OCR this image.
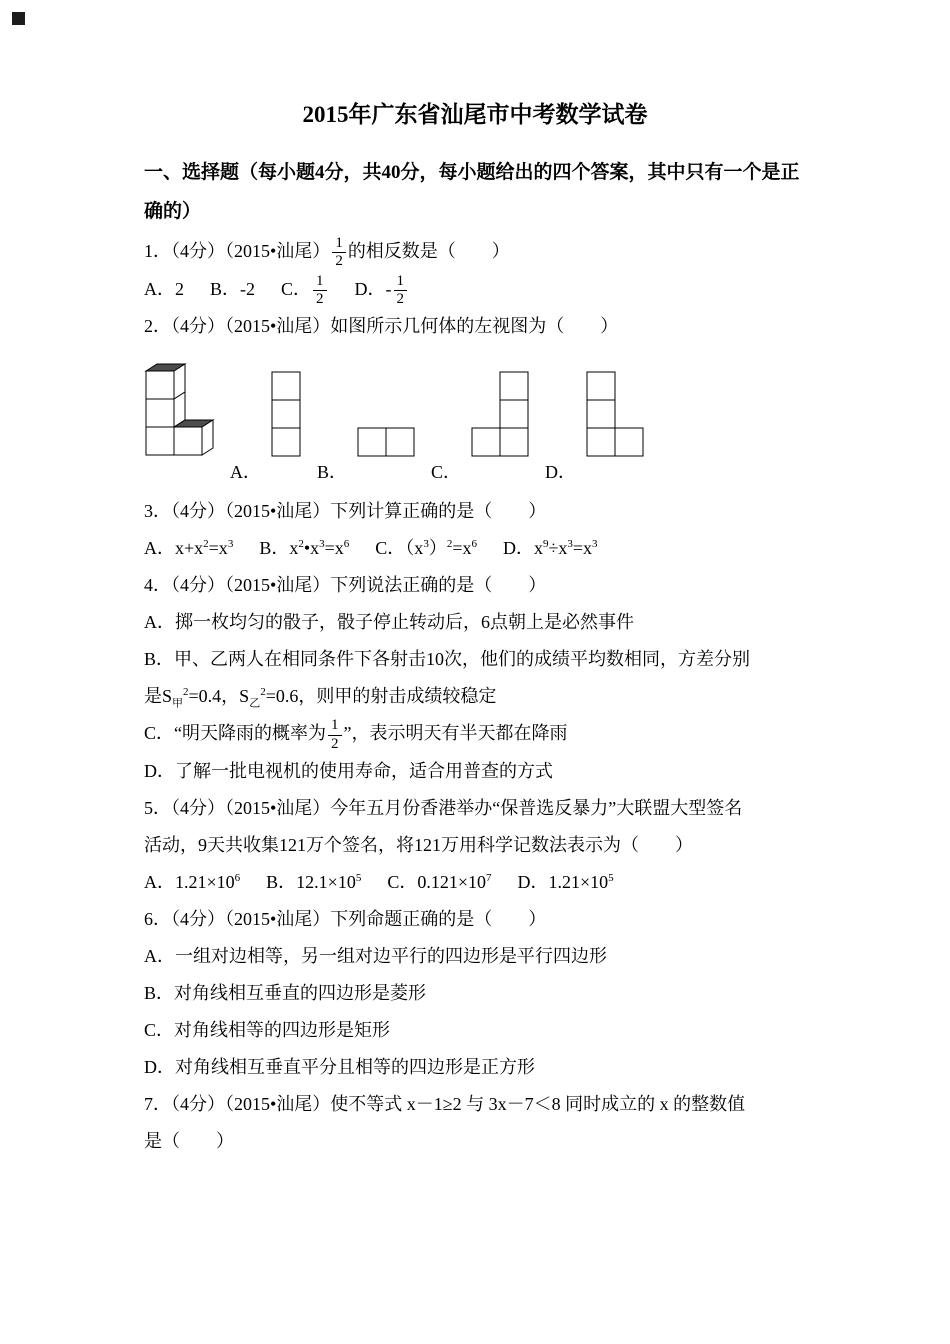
2015年广东省汕尾市中考数学试卷

一、选择题（每小题4分，共40分，每小题给出的四个答案，其中只有一个是正确的）

1．（4分）（2015•汕尾） $\frac{1}{2}$ 的相反数是（　　）

A．2 B．-2 C． $\frac{1}{2}$ D．- $\frac{1}{2}$

2．（4分）（2015•汕尾）如图所示几何体的左视图为（　　）

A．	B．	C．	D．

3．（4分）（2015•汕尾）下列计算正确的是（　　）

A．$x+x^2=x^3$ B．$x^2•x^3=x^6$ C．$(x^3)^2=x^6$ D．$x^9\div x^3=x^3$

4．（4分）（2015•汕尾）下列说法正确的是（　　）

A．掷一枚均匀的骰子，骰子停止转动后，6点朝上是必然事件

B．甲、乙两人在相同条件下各射击10次，他们的成绩平均数相同，方差分别

是$S_甲^2=0.4$，$S_乙^2=0.6$，则甲的射击成绩较稳定

C．“明天降雨的概率为 $\frac{1}{2}$ ”，表示明天有半天都在降雨

D．了解一批电视机的使用寿命，适合用普查的方式

5．（4分）（2015•汕尾）今年五月份香港举办“保普选反暴力”大联盟大型签名

活动，9天共收集121万个签名，将121万用科学记数法表示为（　　）

A．$1.21\times 10^6$ B．$12.1\times 10^5$ C．$0.121\times 10^7$ D．$1.21\times 10^5$

6．（4分）（2015•汕尾）下列命题正确的是（　　）

A．一组对边相等，另一组对边平行的四边形是平行四边形

B．对角线相互垂直的四边形是菱形

C．对角线相等的四边形是矩形

D．对角线相互垂直平分且相等的四边形是正方形

7．（4分）（2015•汕尾）使不等式 x－1≥2 与 3x－7＜8 同时成立的 x 的整数值

是（　　）
